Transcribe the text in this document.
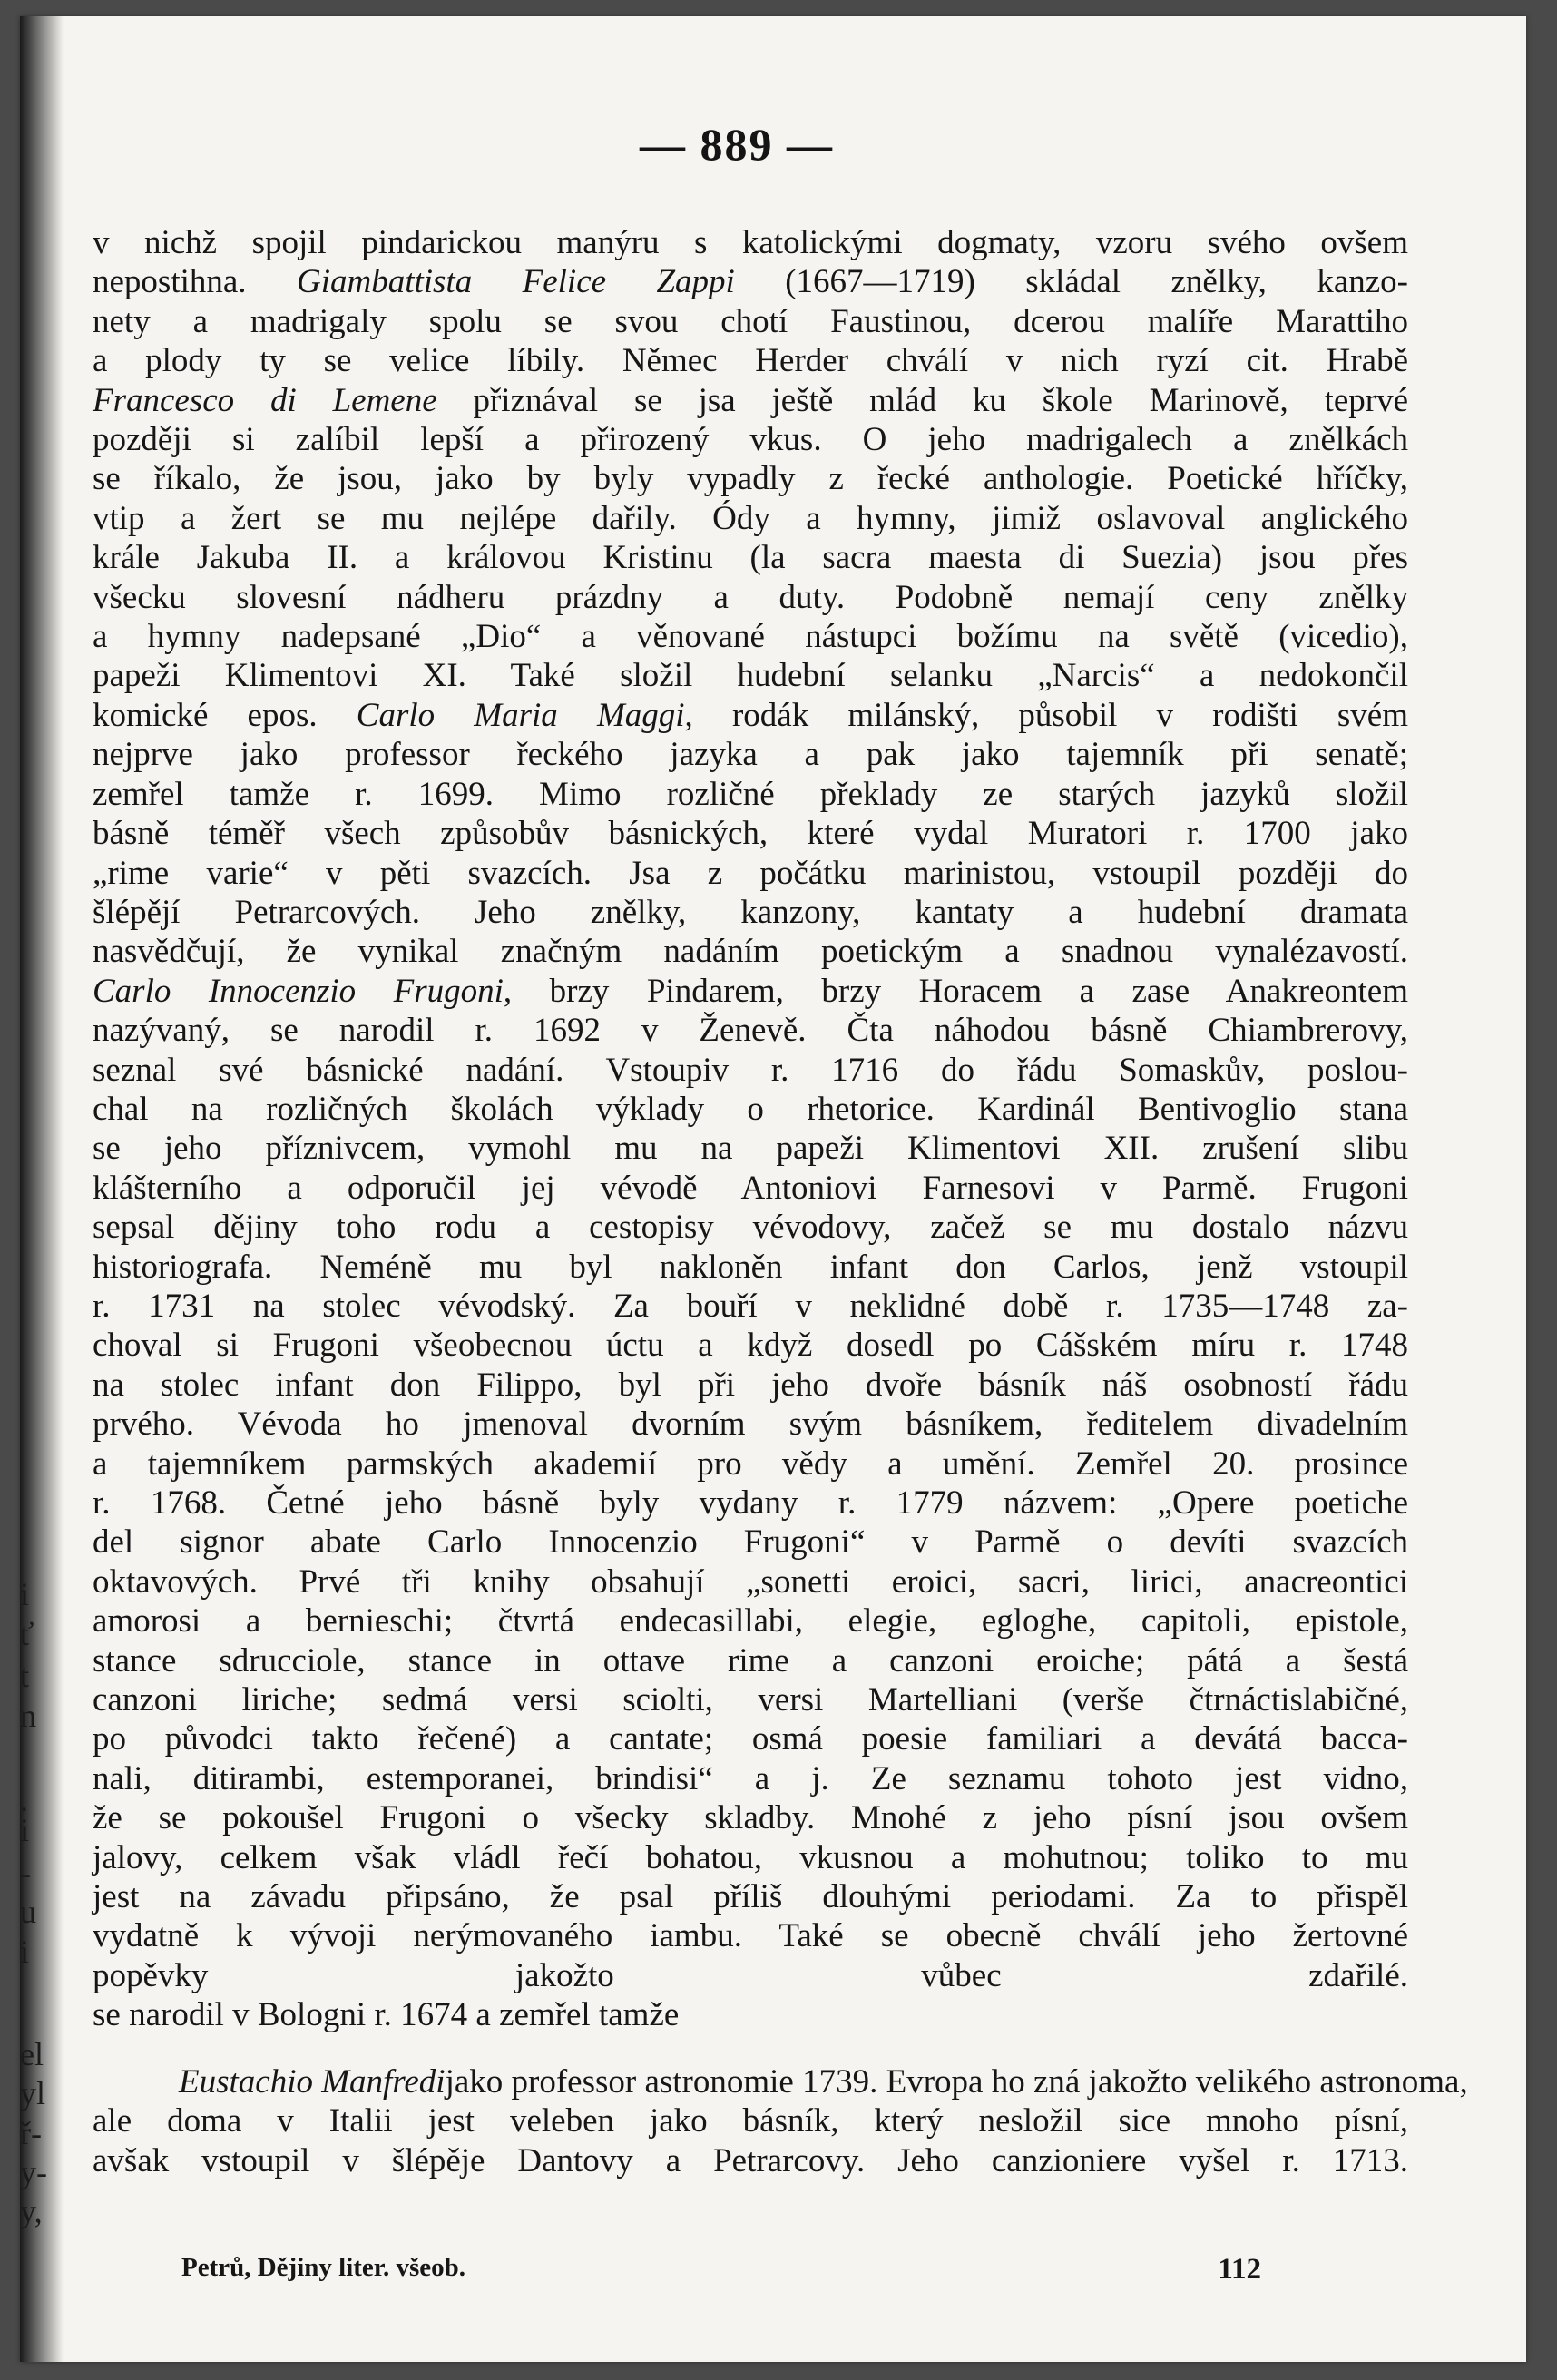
i
ť
t
n
.
i
-
u
i
el
yl
ř-
y-
y,
— 889 —
v nichž spojil pindarickou manýru s katolickými dogmaty, vzoru svého ovšem
nepostihna. Giambattista Felice Zappi (1667—1719) skládal znělky, kanzo-
nety a madrigaly spolu se svou chotí Faustinou, dcerou malíře Marattiho
a plody ty se velice líbily. Němec Herder chválí v nich ryzí cit. Hrabě
Francesco di Lemene přiznával se jsa ještě mlád ku škole Marinově, teprvé
později si zalíbil lepší a přirozený vkus. O jeho madrigalech a znělkách
se říkalo, že jsou, jako by byly vypadly z řecké anthologie. Poetické hříčky,
vtip a žert se mu nejlépe dařily. Ódy a hymny, jimiž oslavoval anglického
krále Jakuba II. a královou Kristinu (la sacra maesta di Suezia) jsou přes
všecku slovesní nádheru prázdny a duty. Podobně nemají ceny znělky
a hymny nadepsané „Dio“ a věnované nástupci božímu na světě (vicedio),
papeži Klimentovi XI. Také složil hudební selanku „Narcis“ a nedokončil
komické epos. Carlo Maria Maggi, rodák milánský, působil v rodišti svém
nejprve jako professor řeckého jazyka a pak jako tajemník při senatě;
zemřel tamže r. 1699. Mimo rozličné překlady ze starých jazyků složil
básně téměř všech způsobův básnických, které vydal Muratori r. 1700 jako
„rime varie“ v pěti svazcích. Jsa z počátku marinistou, vstoupil později do
šlépějí Petrarcových. Jeho znělky, kanzony, kantaty a hudební dramata
nasvědčují, že vynikal značným nadáním poetickým a snadnou vynalézavostí.
Carlo Innocenzio Frugoni, brzy Pindarem, brzy Horacem a zase Anakreontem
nazývaný, se narodil r. 1692 v Ženevě. Čta náhodou básně Chiambrerovy,
seznal své básnické nadání. Vstoupiv r. 1716 do řádu Somaskův, poslou-
chal na rozličných školách výklady o rhetorice. Kardinál Bentivoglio stana
se jeho příznivcem, vymohl mu na papeži Klimentovi XII. zrušení slibu
klášterního a odporučil jej vévodě Antoniovi Farnesovi v Parmě. Frugoni
sepsal dějiny toho rodu a cestopisy vévodovy, začež se mu dostalo názvu
historiografa. Neméně mu byl nakloněn infant don Carlos, jenž vstoupil
r. 1731 na stolec vévodský. Za bouří v neklidné době r. 1735—1748 za-
choval si Frugoni všeobecnou úctu a když dosedl po Cášském míru r. 1748
na stolec infant don Filippo, byl při jeho dvoře básník náš osobností řádu
prvého. Vévoda ho jmenoval dvorním svým básníkem, ředitelem divadelním
a tajemníkem parmských akademií pro vědy a umění. Zemřel 20. prosince
r. 1768. Četné jeho básně byly vydany r. 1779 názvem: „Opere poetiche
del signor abate Carlo Innocenzio Frugoni“ v Parmě o devíti svazcích
oktavových. Prvé tři knihy obsahují „sonetti eroici, sacri, lirici, anacreontici
amorosi a bernieschi; čtvrtá endecasillabi, elegie, egloghe, capitoli, epistole,
stance sdrucciole, stance in ottave rime a canzoni eroiche; pátá a šestá
canzoni liriche; sedmá versi sciolti, versi Martelliani (verše čtrnáctislabičné,
po původci takto řečené) a cantate; osmá poesie familiari a devátá bacca-
nali, ditirambi, estemporanei, brindisi“ a j. Ze seznamu tohoto jest vidno,
že se pokoušel Frugoni o všecky skladby. Mnohé z jeho písní jsou ovšem
jalovy, celkem však vládl řečí bohatou, vkusnou a mohutnou; toliko to mu
jest na závadu připsáno, že psal příliš dlouhými periodami. Za to přispěl
vydatně k vývoji nerýmovaného iambu. Také se obecně chválí jeho žertovné
popěvky jakožto vůbec zdařilé.
se narodil v Bologni r. 1674 a zemřel tamže
Eustachio Manfredijako professor astronomie 1739. Evropa ho zná jakožto velikého astronoma,
ale doma v Italii jest veleben jako básník, který nesložil sice mnoho písní,
avšak vstoupil v šlépěje Dantovy a Petrarcovy. Jeho canzioniere vyšel r. 1713.
Petrů, Dějiny liter. všeob.	112
